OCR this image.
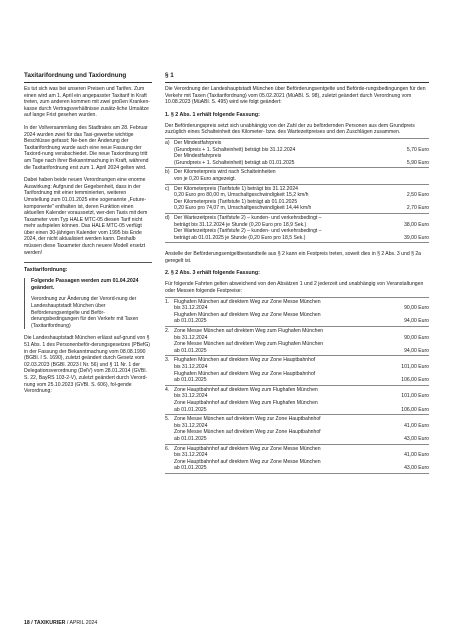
Taxitarifordnung und Taxiordnung

Es tut sich was bei unseren Preisen und Tarifen. Zum einen wird am 1. April ein angepasster Taxitarif in Kraft treten, zum anderen kommen mit zwei großen Kranken-kasse durch Vertragsverhältnisse zusätz-liche Umsätze auf lange Frist gesehen wurden.

In der Vollversammlung des Stadtrates am 28. Februar 2024 wurden zwei für das Taxi-gewerbe wichtige Beschlüsse gefasst: Ne-ben der Änderung der Taxitarifordnung wurde auch eine neue Fassung der Taxiord-nung verabschiedet. Die neue Taxiordnung tritt am Tage nach ihrer Bekanntmachung in Kraft, während die Taxitarifordnung erst zum 1. April 2024 gelten wird.

Dabei haben beide neuen Verordnungen eine enorme Auswirkung: Aufgrund der Gegebenheit, dass in der Tarifordnung mit einer temminierten, weiteren Umstellung zum 01.01.2025 eine sogenannte „Future-komponente" enthalten ist, deren Funktion einen aktuellen Kalender voraussetzt, wer-den Taxis mit dem Taxameter vom Typ HALE MTC-05 diesen Tarif nicht mehr aufspielen können. Das HALE MTC-05 verfügt über einen 30-jährigen Kalender vom 1995 bis Ende 2024, der nicht aktualisiert werden kann. Deshalb müssen diese Taxameter durch neuere Modell ersetzt werden!

Taxitarifordnung:
Folgende Passagen werden zum 01.04.2024 geändert.

Verordnung zur Änderung der Verord-nung der Landeshauptstadt München über Beförderungsentgelte und Beför-derungsbedingungen für den Verkehr mit Taxen (Taxitarifordnung)

Die Landeshauptstadt München erlässt auf-grund von § 51 Abs. 1 des Personenbeför-derungsgesetzes (PBefG) in der Fassung der Bekanntmachung vom 08.08.1990 (BGBl. I S. 1690), zuletzt geändert durch Gesetz vom 02.03.2023 (BGBl. 2023 I Nr. 56) und § 11 Nr. 1 der Delegationsverordnung (DelV) vom 28.01.2014 (GVBl. S. 22, BayRS 103-2-V), zuletzt geändert durch Verord-nung vom 25.10.2023 (GVBl. S. 606), fol-gende Verordnung:

§ 1

Die Verordnung der Landeshauptstadt München über Beförderungsentgelte und Beförde-rungsbedingungen für den Verkehr mit Taxen (Taxitarifordnung) vom 05.02.2021 (MüABl. S. 98), zuletzt geändert durch Verordnung vom 10.08.2023 (MüABl. S. 495) wird wie folgt geändert:

1. § 2 Abs. 1 erhält folgende Fassung:

Der Beförderungspreis setzt sich unabhängig von der Zahl der zu befördernden Personen aus dem Grundpreis zuzüglich eines Schalteinheit des Kilometer- bzw. des Wartezeitpreises und den Zuschlägen zusammen.

a) Der Mindestfahrpreis
(Grundpreis + 1. Schalteinheit) beträgt bis 31.12.2024	5,70 Euro
Der Mindestfahrpreis
(Grundpreis + 1. Schalteinheit) beträgt ab 01.01.2025	5,90 Euro
b) Der Kilometerpreis wird nach Schalteinheiten
von je 0,20 Euro angezeigt.
c) Der Kilometerpreis (Tarifstufe 1) beträgt bis 31.12.2024
0,20 Euro pro 80,00 m, Umschaltgeschwindigkeit 15,2 km/h	2,50 Euro
Der Kilometerpreis (Tarifstufe 1) beträgt ab 01.01.2025
0,20 Euro pro 74,07 m, Umschaltgeschwindigkeit 14,44 km/h	2,70 Euro
d) Der Wartezeitpreis (Tarifstufe 2) – kunden- und verkehrsbedingt –
beträgt bis 31.12.2024 je Stunde (0,20 Euro pro 18,9 Sek.)	38,00 Euro
Der Wartezeitpreis (Tarifstufe 2) – kunden- und verkehrsbedingt –
beträgt ab 01.01.2025 je Stunde (0,20 Euro pro 18,5 Sek.)	39,00 Euro

Anstelle der Beförderungsentgeltbestandteile aus § 2 kann ein Festpreis treten, soweit dies in § 2 Abs. 3 und § 2a geregelt ist.

2. § 2 Abs. 3 erhält folgende Fassung:

Für folgende Fahrten gelten abweichend von den Absätzen 1 und 2 jederzeit und unabhängig von Veranstaltungen oder Messen folgende Festpreise:

1. Flughafen München auf direktem Weg zur Zone Messe München
bis 31.12.2024	90,00 Euro
Flughafen München auf direktem Weg zur Zone Messe München
ab 01.01.2025	94,00 Euro
2. Zone Messe München auf direktem Weg zum Flughafen München
bis 31.12.2024	90,00 Euro
Zone Messe München auf direktem Weg zum Flughafen München
ab 01.01.2025	94,00 Euro
3. Flughafen München auf direktem Weg zur Zone Hauptbahnhof
bis 31.12.2024	101,00 Euro
Flughafen München auf direktem Weg zur Zone Hauptbahnhof
ab 01.01.2025	106,00 Euro
4. Zone Hauptbahnhof auf direktem Weg zum Flughafen München
bis 31.12.2024	101,00 Euro
Zone Hauptbahnhof auf direktem Weg zum Flughafen München
ab 01.01.2025	106,00 Euro
5. Zone Messe München auf direktem Weg zur Zone Hauptbahnhof
bis 31.12.2024	41,00 Euro
Zone Messe München auf direktem Weg zur Zone Hauptbahnhof
ab 01.01.2025	43,00 Euro
6. Zone Hauptbahnhof auf direktem Weg zur Zone Messe München
bis 31.12.2024	41,00 Euro
Zone Hauptbahnhof auf direktem Weg zur Zone Messe München
ab 01.01.2025	43,00 Euro
18 / TAXIKURIER / APRIL 2024
